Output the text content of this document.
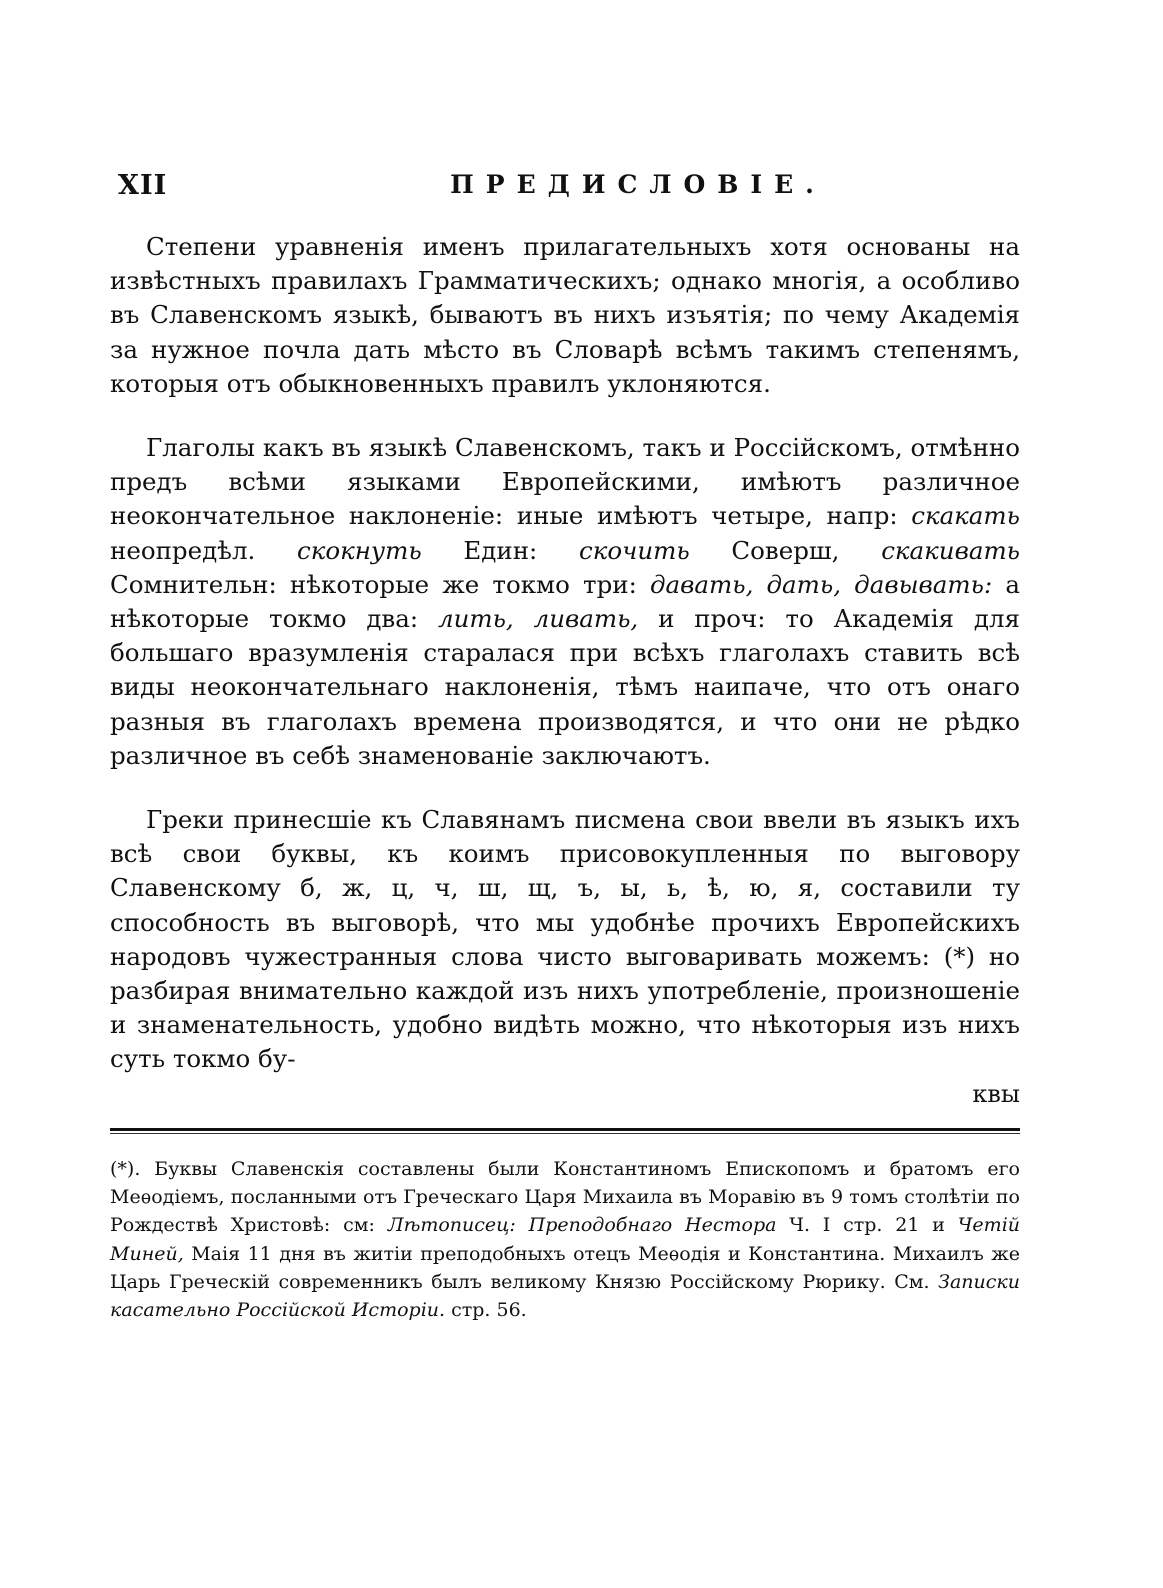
XII	ПРЕДИСЛОВІЕ.

Степени уравненія именъ прилагательныхъ хотя основаны на извѣстныхъ правилахъ Грамматическихъ; однако многія, а особливо въ Славенскомъ языкѣ, бываютъ въ нихъ изъятія; по чему Академія за нужное почла дать мѣсто въ Словарѣ всѣмъ такимъ степенямъ, которыя отъ обыкновенныхъ правилъ уклоняются.

Глаголы какъ въ языкѣ Славенскомъ, такъ и Россійскомъ, отмѣнно предъ всѣми языками Европейскими, имѣютъ различное неокончательное наклоненіе: иные имѣютъ четыре, напр: скакать неопредѣл. скокнуть Един: скочить Соверш, скакивать Сомнительн: нѣкоторые же токмо три: давать, дать, давывать: а нѣкоторые токмо два: лить, ливать, и проч: то Академія для большаго вразумленія старалася при всѣхъ глаголахъ ставить всѣ виды неокончательнаго наклоненія, тѣмъ наипаче, что отъ онаго разныя въ глаголахъ времена производятся, и что они не рѣдко различное въ себѣ знаменованіе заключаютъ.

Греки принесшіе къ Славянамъ писмена свои ввели въ языкъ ихъ всѣ свои буквы, къ коимъ присовокупленныя по выговору Славенскому б, ж, ц, ч, ш, щ, ъ, ы, ь, ѣ, ю, я, составили ту способность въ выговорѣ, что мы удобнѣе прочихъ Европейскихъ народовъ чужестранныя слова чисто выговаривать можемъ: (*) но разбирая внимательно каждой изъ нихъ употребленіе, произношеніе и знаменательность, удобно видѣть можно, что нѣкоторыя изъ нихъ суть токмо бу-

квы

(*). Буквы Славенскія составлены были Константиномъ Епископомъ и братомъ его Меѳодіемъ, посланными отъ Греческаго Царя Михаила въ Моравію въ 9 томъ столѣтіи по Рождествѣ Христовѣ: см: Лѣтописец: Преподобнаго Нестора Ч. I стр. 21 и Четій Миней, Маія 11 дня въ житіи преподобныхъ отецъ Меѳодія и Константина. Михаилъ же Царь Греческій современникъ былъ великому Князю Россійскому Рюрику. См. Записки касательно Россійской Исторіи. стр. 56.
